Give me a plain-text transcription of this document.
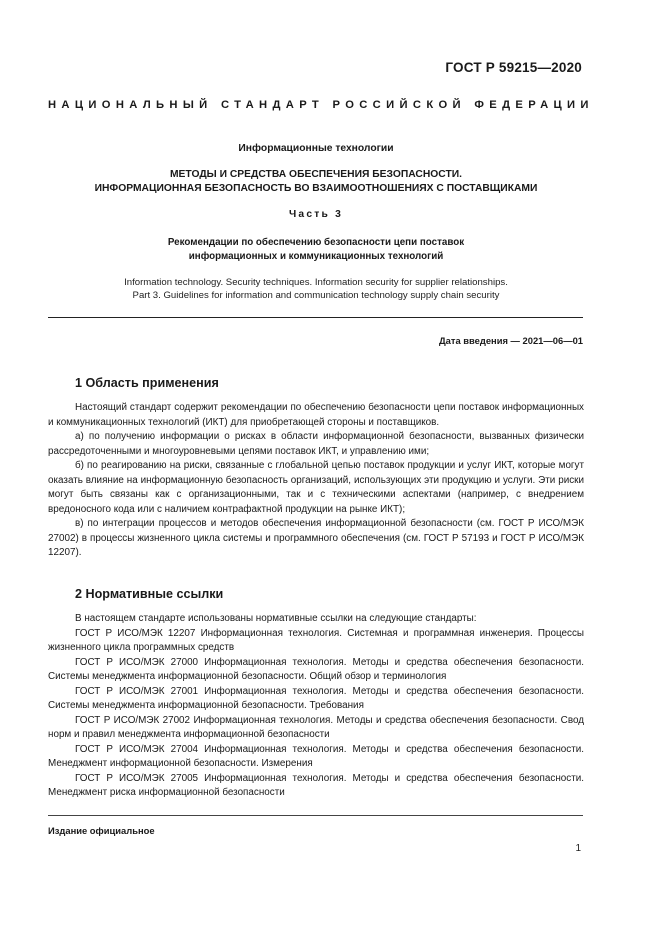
ГОСТ Р 59215—2020
НАЦИОНАЛЬНЫЙ СТАНДАРТ РОССИЙСКОЙ ФЕДЕРАЦИИ
Информационные технологии
МЕТОДЫ И СРЕДСТВА ОБЕСПЕЧЕНИЯ БЕЗОПАСНОСТИ.
ИНФОРМАЦИОННАЯ БЕЗОПАСНОСТЬ ВО ВЗАИМООТНОШЕНИЯХ С ПОСТАВЩИКАМИ
Часть 3
Рекомендации по обеспечению безопасности цепи поставок
информационных и коммуникационных технологий
Information technology. Security techniques. Information security for supplier relationships.
Part 3. Guidelines for information and communication technology supply chain security
Дата введения — 2021—06—01
1 Область применения

Настоящий стандарт содержит рекомендации по обеспечению безопасности цепи поставок информационных и коммуникационных технологий (ИКТ) для приобретающей стороны и поставщиков.

а) по получению информации о рисках в области информационной безопасности, вызванных физически рассредоточенными и многоуровневыми цепями поставок ИКТ, и управлению ими;

б) по реагированию на риски, связанные с глобальной цепью поставок продукции и услуг ИКТ, которые могут оказать влияние на информационную безопасность организаций, использующих эти продукцию и услуги. Эти риски могут быть связаны как с организационными, так и с техническими аспектами (например, с внедрением вредоносного кода или с наличием контрафактной продукции на рынке ИКТ);

в) по интеграции процессов и методов обеспечения информационной безопасности (см. ГОСТ Р ИСО/МЭК 27002) в процессы жизненного цикла системы и программного обеспечения (см. ГОСТ Р 57193 и ГОСТ Р ИСО/МЭК 12207).

2 Нормативные ссылки

В настоящем стандарте использованы нормативные ссылки на следующие стандарты:

ГОСТ Р ИСО/МЭК 12207 Информационная технология. Системная и программная инженерия. Процессы жизненного цикла программных средств

ГОСТ Р ИСО/МЭК 27000 Информационная технология. Методы и средства обеспечения безопасности. Системы менеджмента информационной безопасности. Общий обзор и терминология

ГОСТ Р ИСО/МЭК 27001 Информационная технология. Методы и средства обеспечения безопасности. Системы менеджмента информационной безопасности. Требования

ГОСТ Р ИСО/МЭК 27002 Информационная технология. Методы и средства обеспечения безопасности. Свод норм и правил менеджмента информационной безопасности

ГОСТ Р ИСО/МЭК 27004 Информационная технология. Методы и средства обеспечения безопасности. Менеджмент информационной безопасности. Измерения

ГОСТ Р ИСО/МЭК 27005 Информационная технология. Методы и средства обеспечения безопасности. Менеджмент риска информационной безопасности

Издание официальное
1
